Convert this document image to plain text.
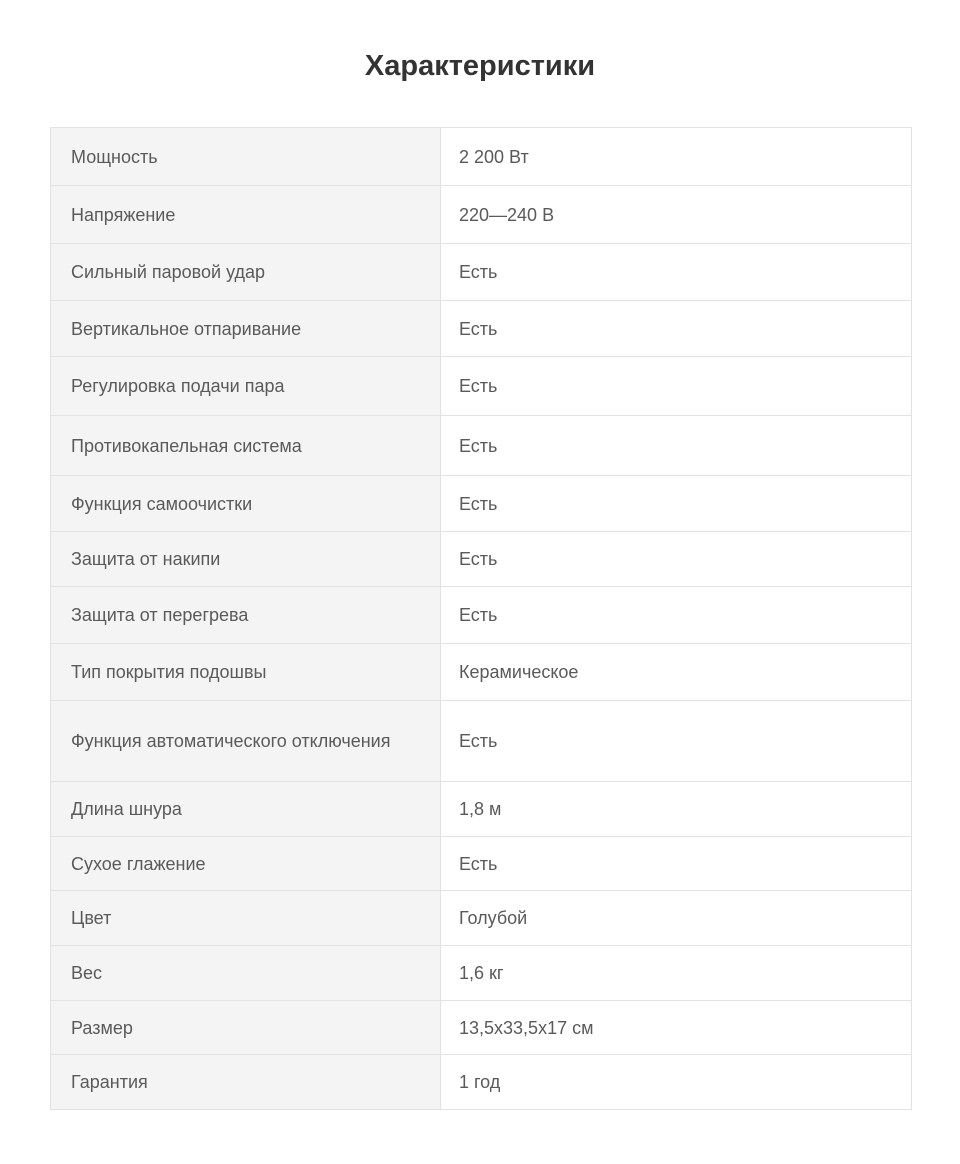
Характеристики
Мощность	2 200 Вт
Напряжение	220—240 В
Сильный паровой удар	Есть
Вертикальное отпаривание	Есть
Регулировка подачи пара	Есть
Противокапельная система	Есть
Функция самоочистки	Есть
Защита от накипи	Есть
Защита от перегрева	Есть
Тип покрытия подошвы	Керамическое
Функция автоматического отключения	Есть
Длина шнура	1,8 м
Сухое глажение	Есть
Цвет	Голубой
Вес	1,6 кг
Размер	13,5x33,5x17 см
Гарантия	1 год
